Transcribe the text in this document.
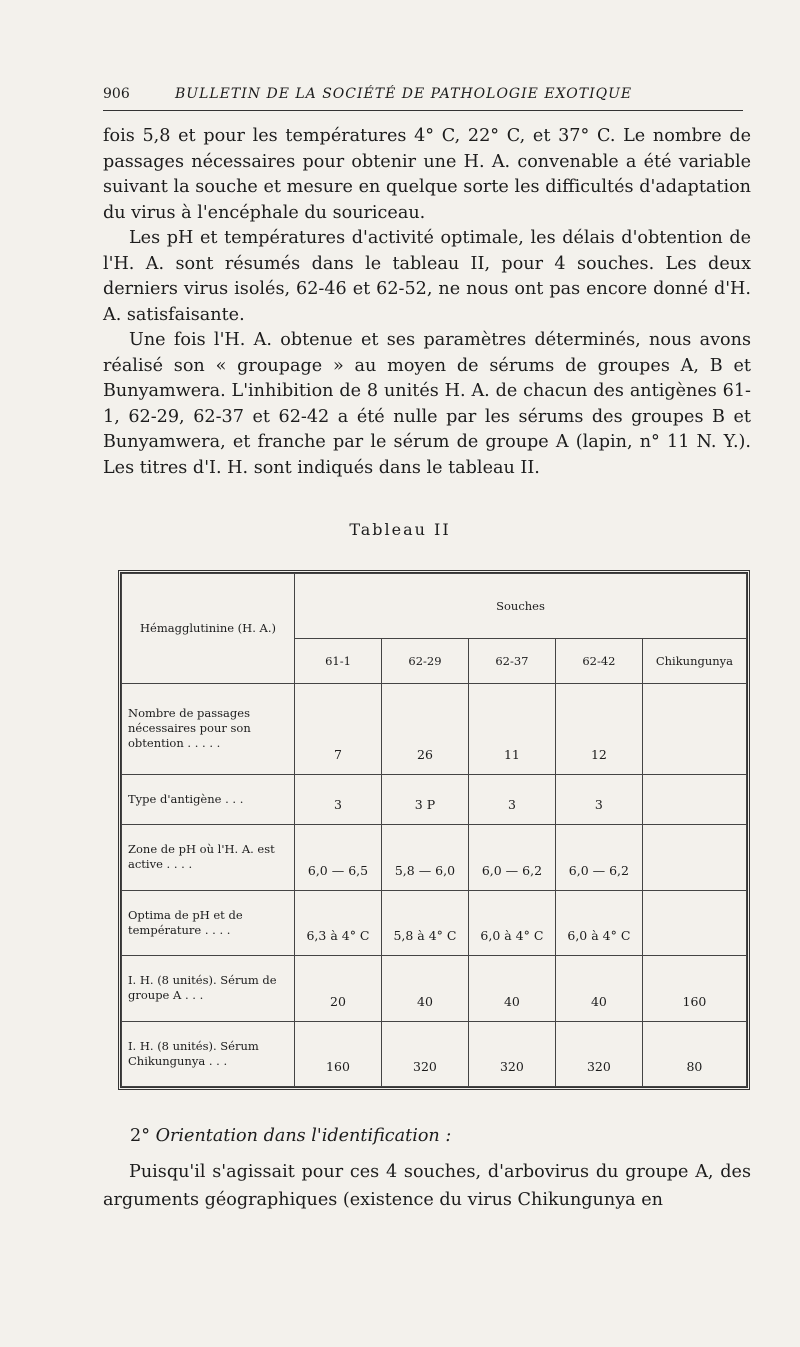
906	BULLETIN DE LA SOCIÉTÉ DE PATHOLOGIE EXOTIQUE

fois 5,8 et pour les températures 4° C, 22° C, et 37° C. Le nombre de passages nécessaires pour obtenir une H. A. convenable a été variable suivant la souche et mesure en quelque sorte les difficultés d'adaptation du virus à l'encéphale du souriceau.

Les pH et températures d'activité optimale, les délais d'obtention de l'H. A. sont résumés dans le tableau II, pour 4 souches. Les deux derniers virus isolés, 62-46 et 62-52, ne nous ont pas encore donné d'H. A. satisfaisante.

Une fois l'H. A. obtenue et ses paramètres déterminés, nous avons réalisé son « groupage » au moyen de sérums de groupes A, B et Bunyamwera. L'inhibition de 8 unités H. A. de chacun des antigènes 61-1, 62-29, 62-37 et 62-42 a été nulle par les sérums des groupes B et Bunyamwera, et franche par le sérum de groupe A (lapin, n° 11 N. Y.). Les titres d'I. H. sont indiqués dans le tableau II.

Tableau II
Hémagglutinine (H. A.)	Souches				
	61-1	62-29	62-37	62-42	Chikungunya
Nombre de passages nécessaires pour son obtention . . . . .	7	26	11	12	
Type d'antigène . . .	3	3 P	3	3	
Zone de pH où l'H. A. est active . . . .	6,0 — 6,5	5,8 — 6,0	6,0 — 6,2	6,0 — 6,2	
Optima de pH et de température . . . .	6,3 à 4° C	5,8 à 4° C	6,0 à 4° C	6,0 à 4° C	
I. H. (8 unités). Sérum de groupe A . . .	20	40	40	40	160
I. H. (8 unités). Sérum Chikungunya . . .	160	320	320	320	80
2° Orientation dans l'identification :

Puisqu'il s'agissait pour ces 4 souches, d'arbovirus du groupe A, des arguments géographiques (existence du virus Chikungunya en
